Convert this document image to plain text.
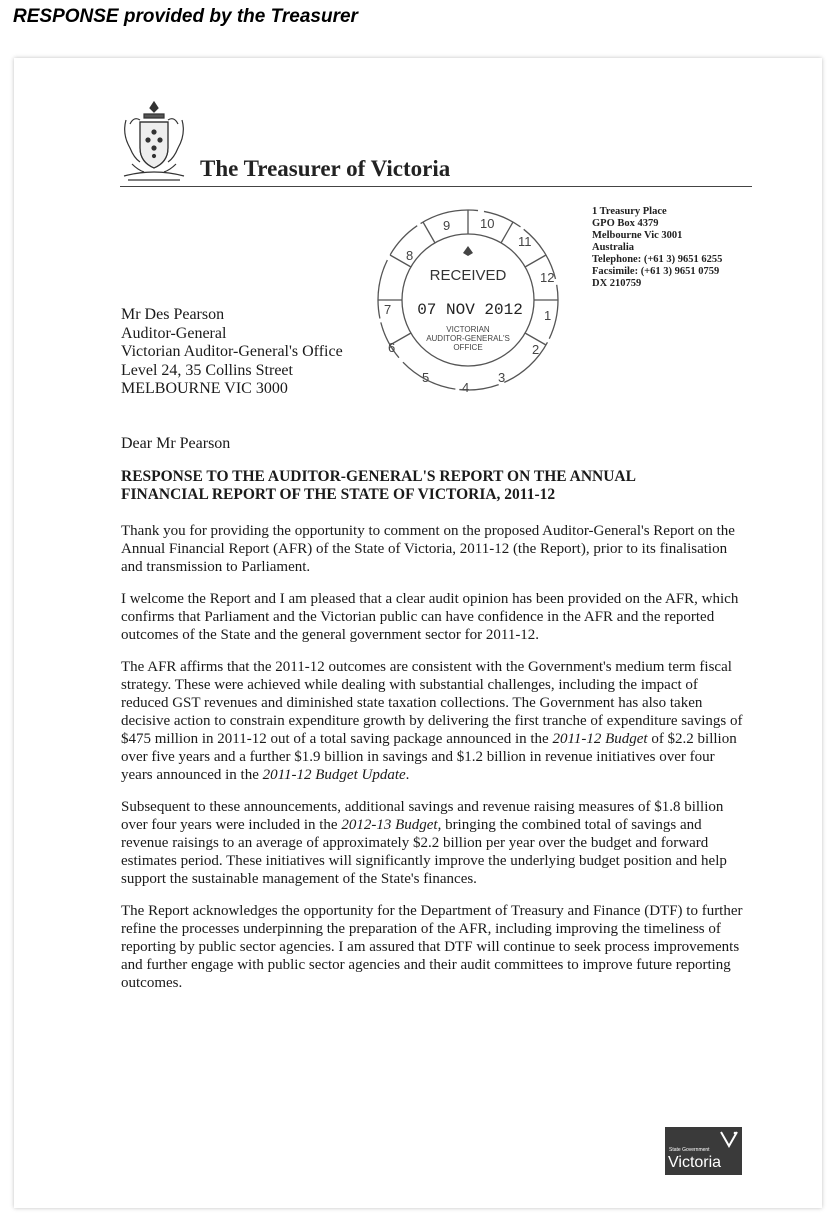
RESPONSE provided by the Treasurer
The Treasurer of Victoria
9 10
11
12
1
2
3
4
5
6
7
8
RECEIVED
07 NOV 2012
VICTORIAN
AUDITOR-GENERAL'S
OFFICE
1 Treasury Place
GPO Box 4379
Melbourne Vic 3001
Australia
Telephone: (+61 3) 9651 6255
Facsimile: (+61 3) 9651 0759
DX 210759
Mr Des Pearson
Auditor-General
Victorian Auditor-General's Office
Level 24, 35 Collins Street
MELBOURNE VIC 3000
Dear Mr Pearson
RESPONSE TO THE AUDITOR-GENERAL'S REPORT ON THE ANNUAL
FINANCIAL REPORT OF THE STATE OF VICTORIA, 2011-12

Thank you for providing the opportunity to comment on the proposed Auditor-General's Report on the Annual Financial Report (AFR) of the State of Victoria, 2011-12 (the Report), prior to its finalisation and transmission to Parliament.

I welcome the Report and I am pleased that a clear audit opinion has been provided on the AFR, which confirms that Parliament and the Victorian public can have confidence in the AFR and the reported outcomes of the State and the general government sector for 2011-12.

The AFR affirms that the 2011-12 outcomes are consistent with the Government's medium term fiscal strategy. These were achieved while dealing with substantial challenges, including the impact of reduced GST revenues and diminished state taxation collections. The Government has also taken decisive action to constrain expenditure growth by delivering the first tranche of expenditure savings of $475 million in 2011-12 out of a total saving package announced in the 2011-12 Budget of $2.2 billion over five years and a further $1.9 billion in savings and $1.2 billion in revenue initiatives over four years announced in the 2011-12 Budget Update.

Subsequent to these announcements, additional savings and revenue raising measures of $1.8 billion over four years were included in the 2012-13 Budget, bringing the combined total of savings and revenue raisings to an average of approximately $2.2 billion per year over the budget and forward estimates period. These initiatives will significantly improve the underlying budget position and help support the sustainable management of the State's finances.

The Report acknowledges the opportunity for the Department of Treasury and Finance (DTF) to further refine the processes underpinning the preparation of the AFR, including improving the timeliness of reporting by public sector agencies. I am assured that DTF will continue to seek process improvements and further engage with public sector agencies and their audit committees to improve future reporting outcomes.

State Government
Victoria
